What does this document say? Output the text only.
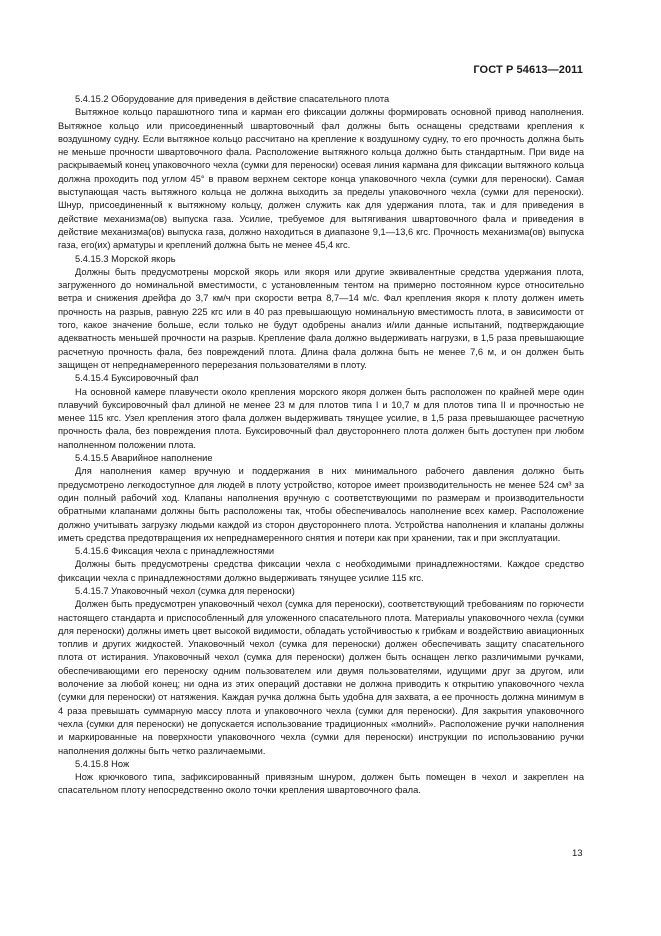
ГОСТ Р 54613—2011
5.4.15.2 Оборудование для приведения в действие спасательного плота

Вытяжное кольцо парашютного типа и карман его фиксации должны формировать основной привод наполнения. Вытяжное кольцо или присоединенный швартовочный фал должны быть оснащены средствами крепления к воздушному судну. Если вытяжное кольцо рассчитано на крепление к воздушному судну, то его прочность должна быть не меньше прочности швартовочного фала. Расположение вытяжного кольца должно быть стандартным. При виде на раскрываемый конец упаковочного чехла (сумки для переноски) осевая линия кармана для фиксации вытяжного кольца должна проходить под углом 45° в правом верхнем секторе конца упаковочного чехла (сумки для переноски). Самая выступающая часть вытяжного кольца не должна выходить за пределы упаковочного чехла (сумки для переноски). Шнур, присоединенный к вытяжному кольцу, должен служить как для удержания плота, так и для приведения в действие механизма(ов) выпуска газа. Усилие, требуемое для вытягивания швартовочного фала и приведения в действие механизма(ов) выпуска газа, должно находиться в диапазоне 9,1—13,6 кгс. Прочность механизма(ов) выпуска газа, его(их) арматуры и креплений должна быть не менее 45,4 кгс.

5.4.15.3 Морской якорь

Должны быть предусмотрены морской якорь или якоря или другие эквивалентные средства удержания плота, загруженного до номинальной вместимости, с установленным тентом на примерно постоянном курсе относительно ветра и снижения дрейфа до 3,7 км/ч при скорости ветра 8,7—14 м/с. Фал крепления якоря к плоту должен иметь прочность на разрыв, равную 225 кгс или в 40 раз превышающую номинальную вместимость плота, в зависимости от того, какое значение больше, если только не будут одобрены анализ и/или данные испытаний, подтверждающие адекватность меньшей прочности на разрыв. Крепление фала должно выдерживать нагрузки, в 1,5 раза превышающие расчетную прочность фала, без повреждений плота. Длина фала должна быть не менее 7,6 м, и он должен быть защищен от непреднамеренного перерезания пользователями в плоту.

5.4.15.4 Буксировочный фал

На основной камере плавучести около крепления морского якоря должен быть расположен по крайней мере один плавучий буксировочный фал длиной не менее 23 м для плотов типа I и 10,7 м для плотов типа II и прочностью не менее 115 кгс. Узел крепления этого фала должен выдерживать тянущее усилие, в 1,5 раза превышающее расчетную прочность фала, без повреждения плота. Буксировочный фал двустороннего плота должен быть доступен при любом наполненном положении плота.

5.4.15.5 Аварийное наполнение

Для наполнения камер вручную и поддержания в них минимального рабочего давления должно быть предусмотрено легкодоступное для людей в плоту устройство, которое имеет производительность не менее 524 см³ за один полный рабочий ход. Клапаны наполнения вручную с соответствующими по размерам и производительности обратными клапанами должны быть расположены так, чтобы обеспечивалось наполнение всех камер. Расположение должно учитывать загрузку людьми каждой из сторон двустороннего плота. Устройства наполнения и клапаны должны иметь средства предотвращения их непреднамеренного снятия и потери как при хранении, так и при эксплуатации.

5.4.15.6 Фиксация чехла с принадлежностями

Должны быть предусмотрены средства фиксации чехла с необходимыми принадлежностями. Каждое средство фиксации чехла с принадлежностями должно выдерживать тянущее усилие 115 кгс.

5.4.15.7 Упаковочный чехол (сумка для переноски)

Должен быть предусмотрен упаковочный чехол (сумка для переноски), соответствующий требованиям по горючести настоящего стандарта и приспособленный для уложенного спасательного плота. Материалы упаковочного чехла (сумки для переноски) должны иметь цвет высокой видимости, обладать устойчивостью к грибкам и воздействию авиационных топлив и других жидкостей. Упаковочный чехол (сумка для переноски) должен обеспечивать защиту спасательного плота от истирания. Упаковочный чехол (сумка для переноски) должен быть оснащен легко различимыми ручками, обеспечивающими его переноску одним пользователем или двумя пользователями, идущими друг за другом, или волочение за любой конец; ни одна из этих операций доставки не должна приводить к открытию упаковочного чехла (сумки для переноски) от натяжения. Каждая ручка должна быть удобна для захвата, а ее прочность должна минимум в 4 раза превышать суммарную массу плота и упаковочного чехла (сумки для переноски). Для закрытия упаковочного чехла (сумки для переноски) не допускается использование традиционных «молний». Расположение ручки наполнения и маркированные на поверхности упаковочного чехла (сумки для переноски) инструкции по использованию ручки наполнения должны быть четко различаемыми.

5.4.15.8 Нож

Нож крючкового типа, зафиксированный привязным шнуром, должен быть помещен в чехол и закреплен на спасательном плоту непосредственно около точки крепления швартовочного фала.

13
